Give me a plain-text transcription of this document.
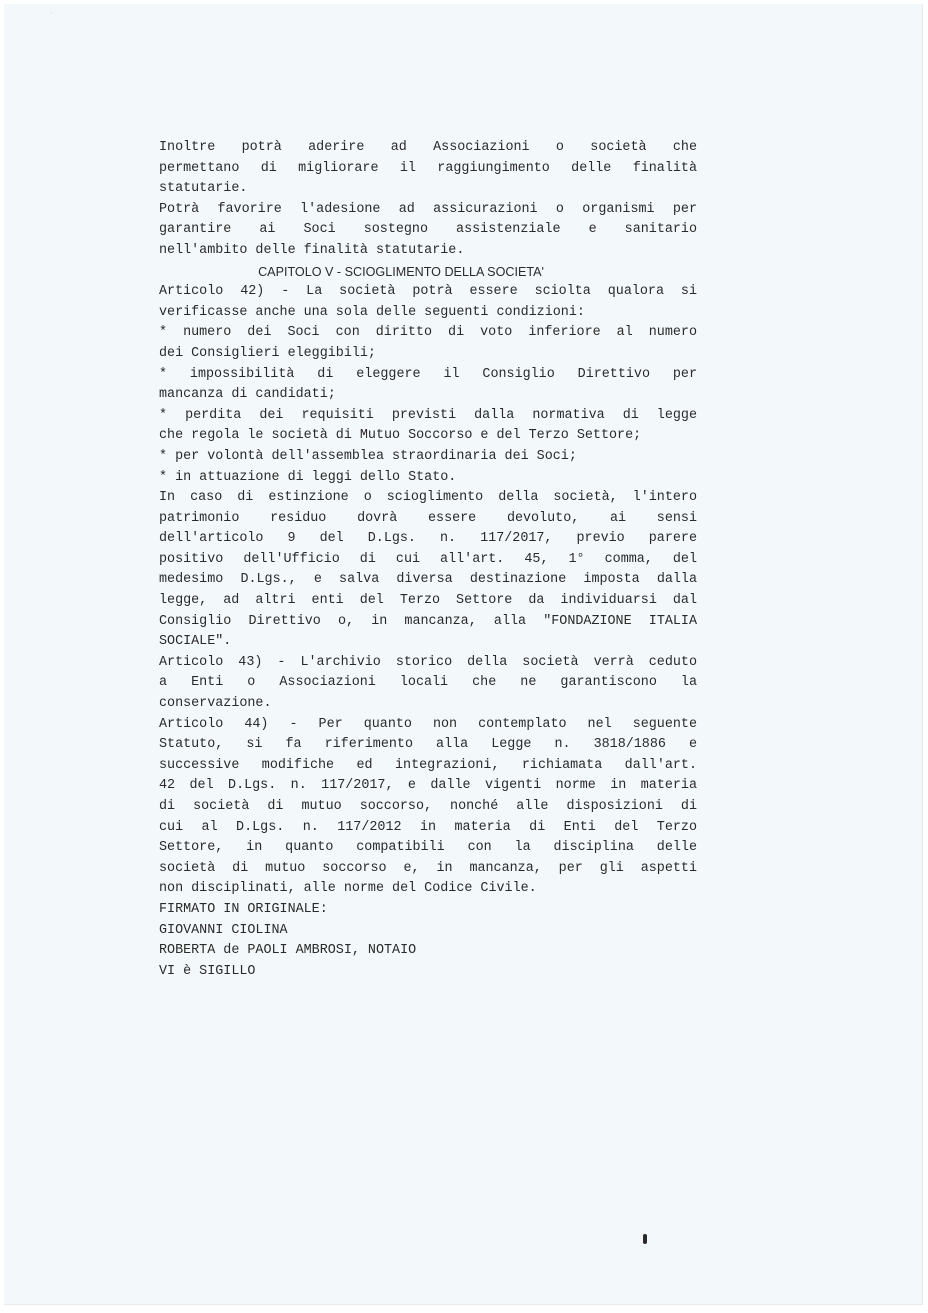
·
Inoltre potrà aderire ad Associazioni o società che
permettano di migliorare il raggiungimento delle finalità
statutarie.
Potrà favorire l'adesione ad assicurazioni o organismi per
garantire ai Soci sostegno assistenziale e sanitario
nell'ambito delle finalità statutarie.
CAPITOLO V - SCIOGLIMENTO DELLA SOCIETA'
Articolo 42) - La società potrà essere sciolta qualora si
verificasse anche una sola delle seguenti condizioni:
* numero dei Soci con diritto di voto inferiore al numero
dei Consiglieri eleggibili;
* impossibilità di eleggere il Consiglio Direttivo per
mancanza di candidati;
* perdita dei requisiti previsti dalla normativa di legge
che regola le società di Mutuo Soccorso e del Terzo Settore;
* per volontà dell'assemblea straordinaria dei Soci;
* in attuazione di leggi dello Stato.
In caso di estinzione o scioglimento della società, l'intero
patrimonio residuo dovrà essere devoluto, ai sensi
dell'articolo 9 del D.Lgs. n. 117/2017, previo parere
positivo dell'Ufficio di cui all'art. 45, 1° comma, del
medesimo D.Lgs., e salva diversa destinazione imposta dalla
legge, ad altri enti del Terzo Settore da individuarsi dal
Consiglio Direttivo o, in mancanza, alla "FONDAZIONE ITALIA
SOCIALE".
Articolo 43) - L'archivio storico della società verrà ceduto
a Enti o Associazioni locali che ne garantiscono la
conservazione.
Articolo 44) - Per quanto non contemplato nel seguente
Statuto, si fa riferimento alla Legge n. 3818/1886 e
successive modifiche ed integrazioni, richiamata dall'art.
42 del D.Lgs. n. 117/2017, e dalle vigenti norme in materia
di società di mutuo soccorso, nonché alle disposizioni di
cui al D.Lgs. n. 117/2012 in materia di Enti del Terzo
Settore, in quanto compatibili con la disciplina delle
società di mutuo soccorso e, in mancanza, per gli aspetti
non disciplinati, alle norme del Codice Civile.
FIRMATO IN ORIGINALE:
GIOVANNI CIOLINA
ROBERTA de PAOLI AMBROSI, NOTAIO
VI è SIGILLO
